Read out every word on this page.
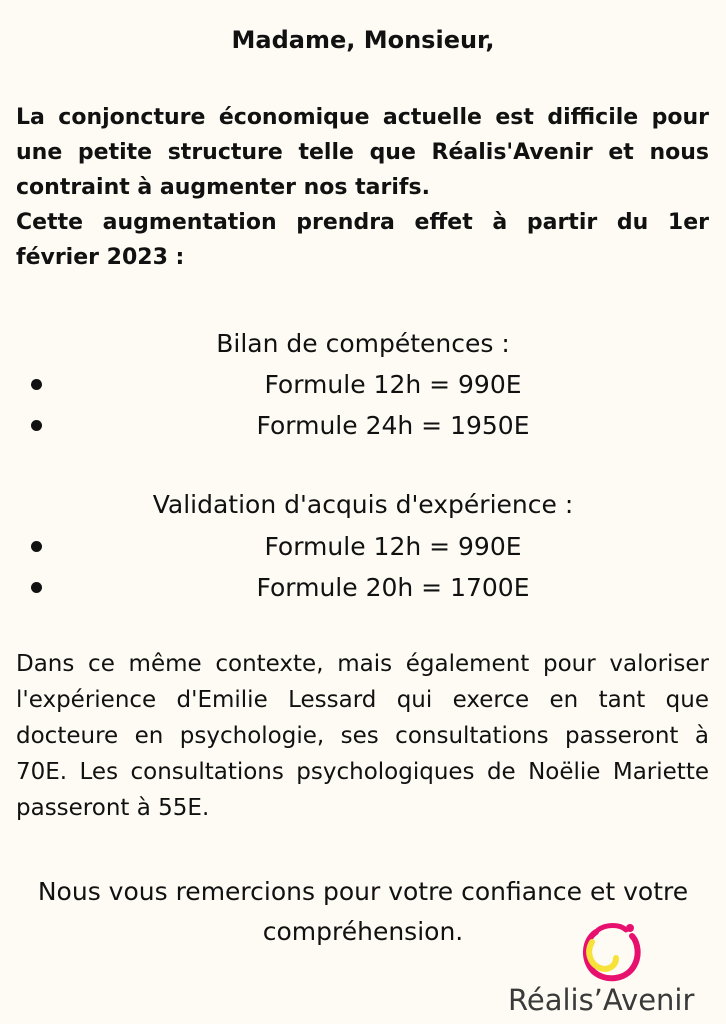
Madame, Monsieur,

La conjoncture économique actuelle est difficile pour une petite structure telle que Réalis'Avenir et nous contraint à augmenter nos tarifs.

Cette augmentation prendra effet à partir du 1er février 2023 :

Bilan de compétences :
Formule 12h = 990E
Formule 24h = 1950E
Validation d'acquis d'expérience :
Formule 12h = 990E
Formule 20h = 1700E

Dans ce même contexte, mais également pour valoriser l'expérience d'Emilie Lessard qui exerce en tant que docteure en psychologie, ses consultations passeront à 70E. Les consultations psychologiques de Noëlie Mariette passeront à 55E.

Nous vous remercions pour votre confiance et votre compréhension.

Réalis’Avenir
